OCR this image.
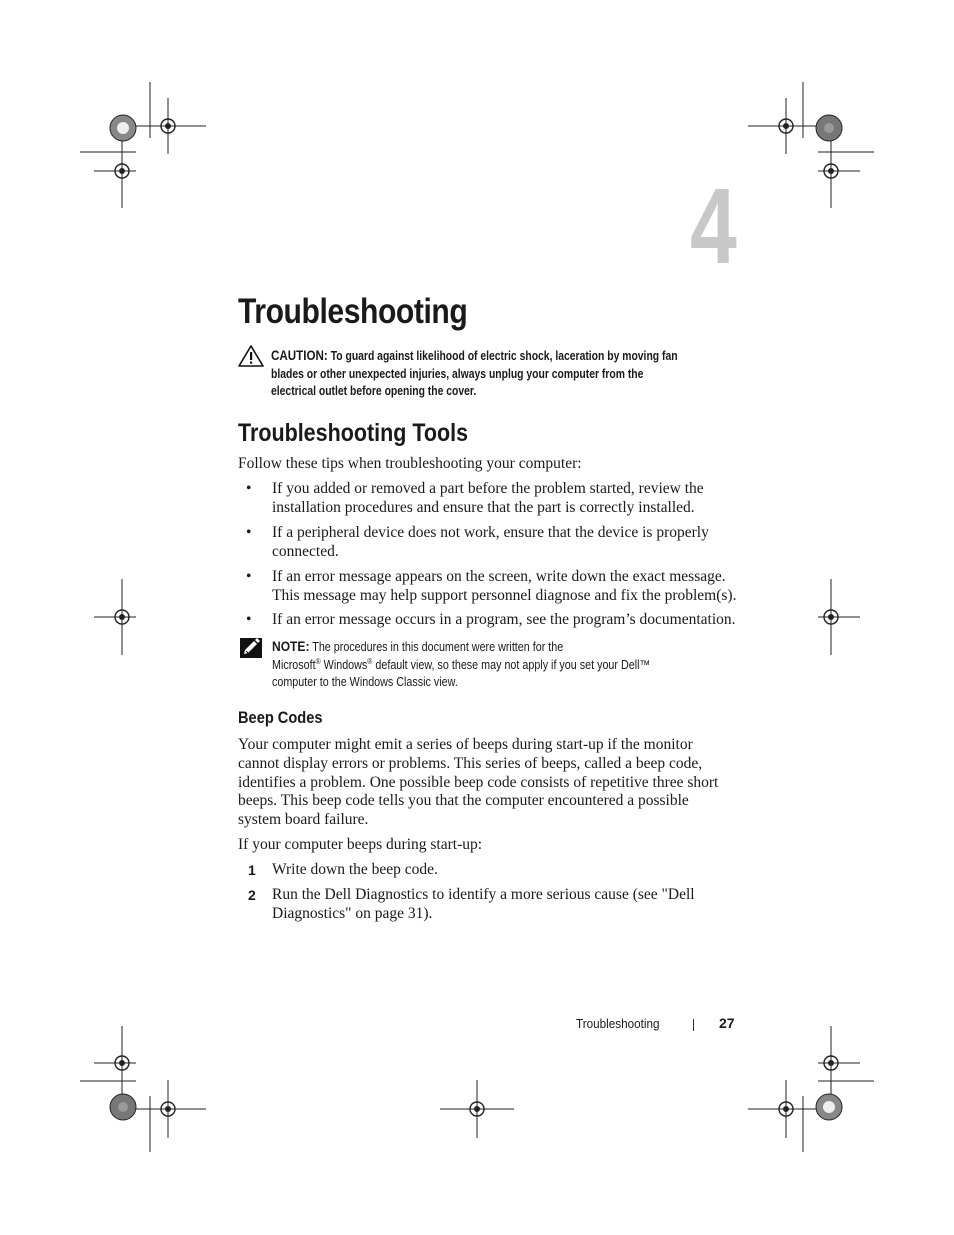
4
Troubleshooting
CAUTION: To guard against likelihood of electric shock, laceration by moving fan
blades or other unexpected injuries, always unplug your computer from the
electrical outlet before opening the cover.
Troubleshooting Tools
Follow these tips when troubleshooting your computer:
• If you added or removed a part before the problem started, review the
installation procedures and ensure that the part is correctly installed.
• If a peripheral device does not work, ensure that the device is properly
connected.
• If an error message appears on the screen, write down the exact message.
This message may help support personnel diagnose and fix the problem(s).
• If an error message occurs in a program, see the program’s documentation.
NOTE: The procedures in this document were written for the
Microsoft® Windows® default view, so these may not apply if you set your Dell™
computer to the Windows Classic view.
Beep Codes
Your computer might emit a series of beeps during start-up if the monitor
cannot display errors or problems. This series of beeps, called a beep code,
identifies a problem. One possible beep code consists of repetitive three short
beeps. This beep code tells you that the computer encountered a possible
system board failure.
If your computer beeps during start-up:
1 Write down the beep code.
2 Run the Dell Diagnostics to identify a more serious cause (see "Dell
Diagnostics" on page 31).
Troubleshooting	27
